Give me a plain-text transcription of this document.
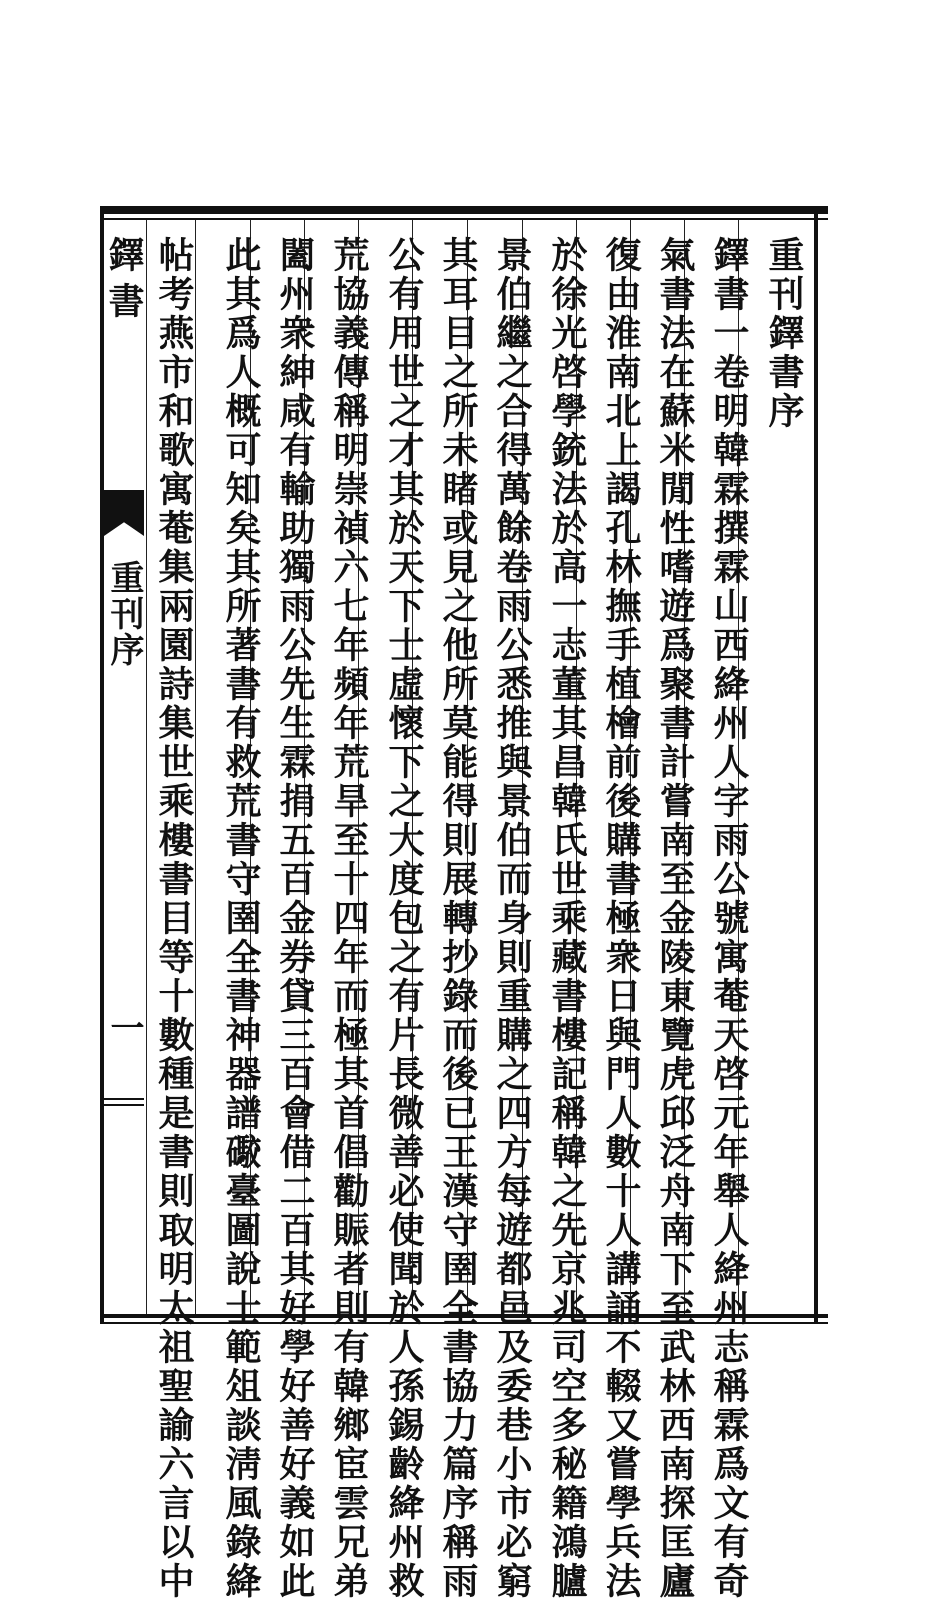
重刊鐸書序
鐸書一卷明韓霖撰霖山西絳州人字雨公號寓菴天啓元年舉人絳州志稱霖爲文有奇
氣書法在蘇米閒性嗜遊爲聚書計嘗南至金陵東覽虎邱泛舟南下至武林西南探匡廬
復由淮南北上謁孔林撫手植檜前後購書極衆日與門人數十人講誦不輟又嘗學兵法
於徐光啓學銃法於高一志董其昌韓氏世乘藏書樓記稱韓之先京兆司空多秘籍鴻臚
景伯繼之合得萬餘卷雨公悉推與景伯而身則重購之四方每遊都邑及委巷小市必窮
其耳目之所未睹或見之他所莫能得則展轉抄錄而後已王漢守圉全書協力篇序稱雨
公有用世之才其於天下士虛懷下之大度包之有片長微善必使聞於人孫錫齡絳州救
荒協義傳稱明崇禎六七年頻年荒旱至十四年而極其首倡勸賑者則有韓鄉宦雲兄弟
闔州衆紳咸有輸助獨雨公先生霖捐五百金券貸三百會借二百其好學好善好義如此
此其爲人概可知矣其所著書有救荒書守圉全書神器譜礮臺圖說士範俎談淸風錄絳
帖考燕市和歌寓菴集兩園詩集世乘樓書目等十數種是書則取明太祖聖諭六言以中
鐸書
重刊序
一
